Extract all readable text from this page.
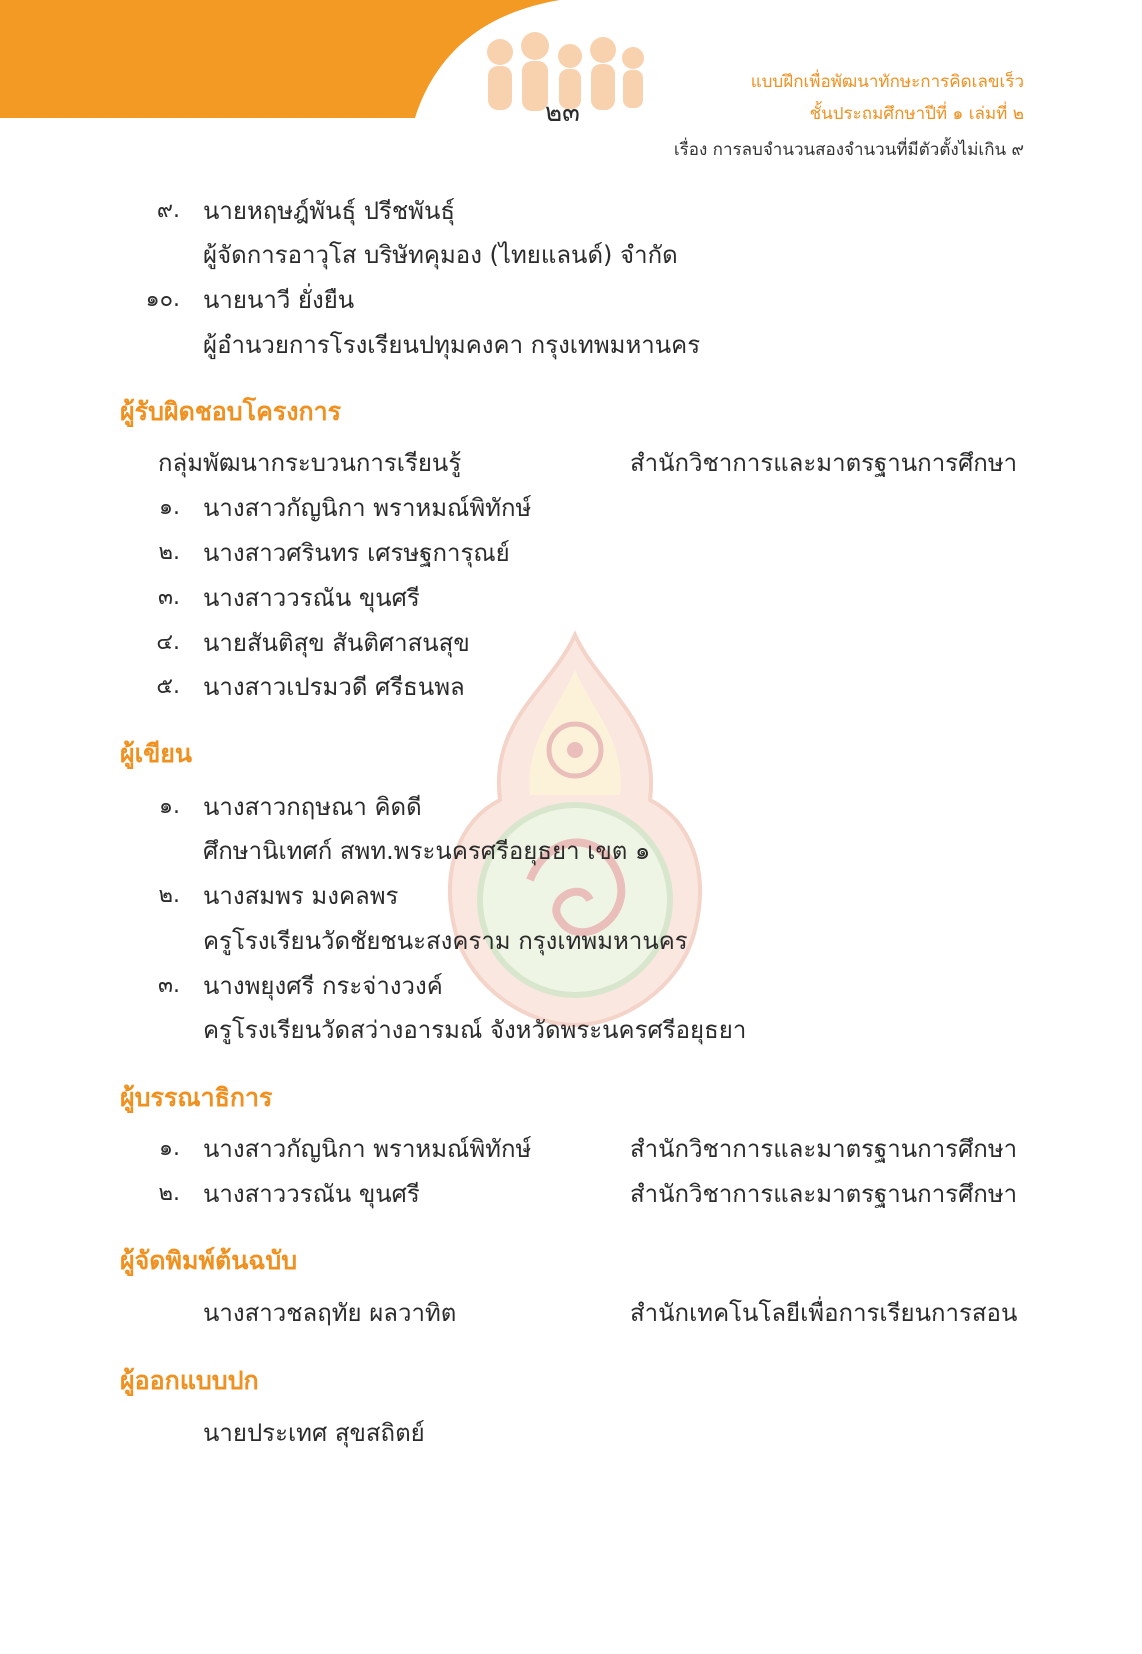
๒๓
แบบฝึกเพื่อพัฒนาทักษะการคิดเลขเร็ว
ชั้นประถมศึกษาปีที่ ๑ เล่มที่ ๒
เรื่อง การลบจำนวนสองจำนวนที่มีตัวตั้งไม่เกิน ๙
๙. นายหฤษฎ์พันธุ์ ปรีชพันธุ์
ผู้จัดการอาวุโส บริษัทคุมอง (ไทยแลนด์) จำกัด
๑๐. นายนาวี ยั่งยืน
ผู้อำนวยการโรงเรียนปทุมคงคา กรุงเทพมหานคร
ผู้รับผิดชอบโครงการ
กลุ่มพัฒนากระบวนการเรียนรู้	สำนักวิชาการและมาตรฐานการศึกษา
๑. นางสาวกัญนิกา พราหมณ์พิทักษ์
๒. นางสาวศรินทร เศรษฐการุณย์
๓. นางสาววรณัน ขุนศรี
๔. นายสันติสุข สันติศาสนสุข
๕. นางสาวเปรมวดี ศรีธนพล
ผู้เขียน
๑. นางสาวกฤษณา คิดดี
ศึกษานิเทศก์ สพท.พระนครศรีอยุธยา เขต ๑
๒. นางสมพร มงคลพร
ครูโรงเรียนวัดชัยชนะสงคราม กรุงเทพมหานคร
๓. นางพยุงศรี กระจ่างวงค์
ครูโรงเรียนวัดสว่างอารมณ์ จังหวัดพระนครศรีอยุธยา
ผู้บรรณาธิการ
๑. นางสาวกัญนิกา พราหมณ์พิทักษ์	สำนักวิชาการและมาตรฐานการศึกษา
๒. นางสาววรณัน ขุนศรี	สำนักวิชาการและมาตรฐานการศึกษา
ผู้จัดพิมพ์ต้นฉบับ
นางสาวชลฤทัย ผลวาทิต	สำนักเทคโนโลยีเพื่อการเรียนการสอน
ผู้ออกแบบปก
นายประเทศ สุขสถิตย์
